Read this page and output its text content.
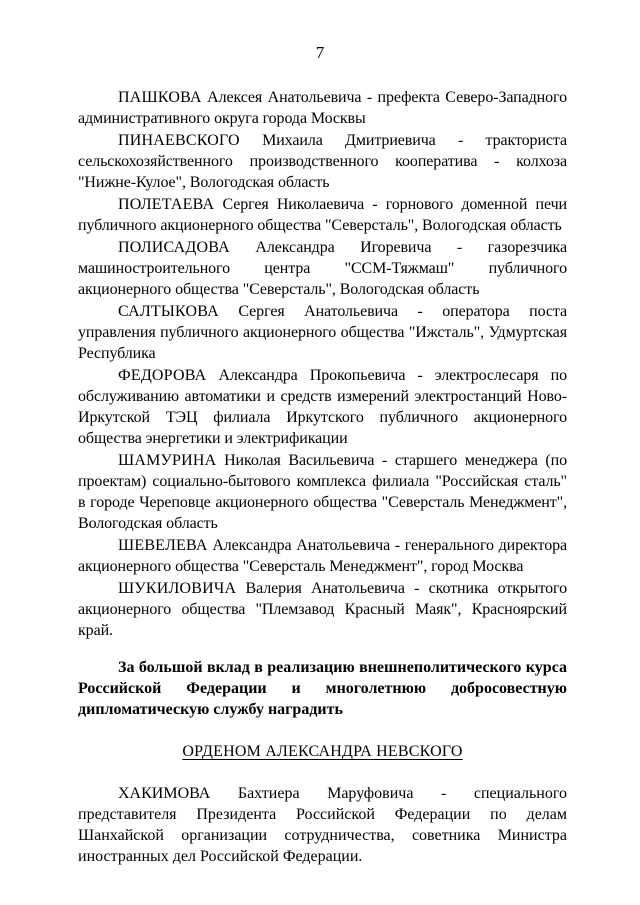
7

ПАШКОВА Алексея Анатольевича - префекта Северо-Западного административного округа города Москвы

ПИНАЕВСКОГО Михаила Дмитриевича - тракториста сельскохозяйственного производственного кооператива - колхоза "Нижне-Кулое", Вологодская область

ПОЛЕТАЕВА Сергея Николаевича - горнового доменной печи публичного акционерного общества "Северсталь", Вологодская область

ПОЛИСАДОВА Александра Игоревича - газорезчика машиностроительного центра "ССМ-Тяжмаш" публичного акционерного общества "Северсталь", Вологодская область

САЛТЫКОВА Сергея Анатольевича - оператора поста управления публичного акционерного общества "Ижсталь", Удмуртская Республика

ФЕДОРОВА Александра Прокопьевича - электрослесаря по обслуживанию автоматики и средств измерений электростанций Ново-Иркутской ТЭЦ филиала Иркутского публичного акционерного общества энергетики и электрификации

ШАМУРИНА Николая Васильевича - старшего менеджера (по проектам) социально-бытового комплекса филиала "Российская сталь" в городе Череповце акционерного общества "Северсталь Менеджмент", Вологодская область

ШЕВЕЛЕВА Александра Анатольевича - генерального директора акционерного общества "Северсталь Менеджмент", город Москва

ШУКИЛОВИЧА Валерия Анатольевича - скотника открытого акционерного общества "Племзавод Красный Маяк", Красноярский край.

За большой вклад в реализацию внешнеполитического курса Российской Федерации и многолетнюю добросовестную дипломатическую службу наградить

ОРДЕНОМ АЛЕКСАНДРА НЕВСКОГО

ХАКИМОВА Бахтиера Маруфовича - специального представителя Президента Российской Федерации по делам Шанхайской организации сотрудничества, советника Министра иностранных дел Российской Федерации.
